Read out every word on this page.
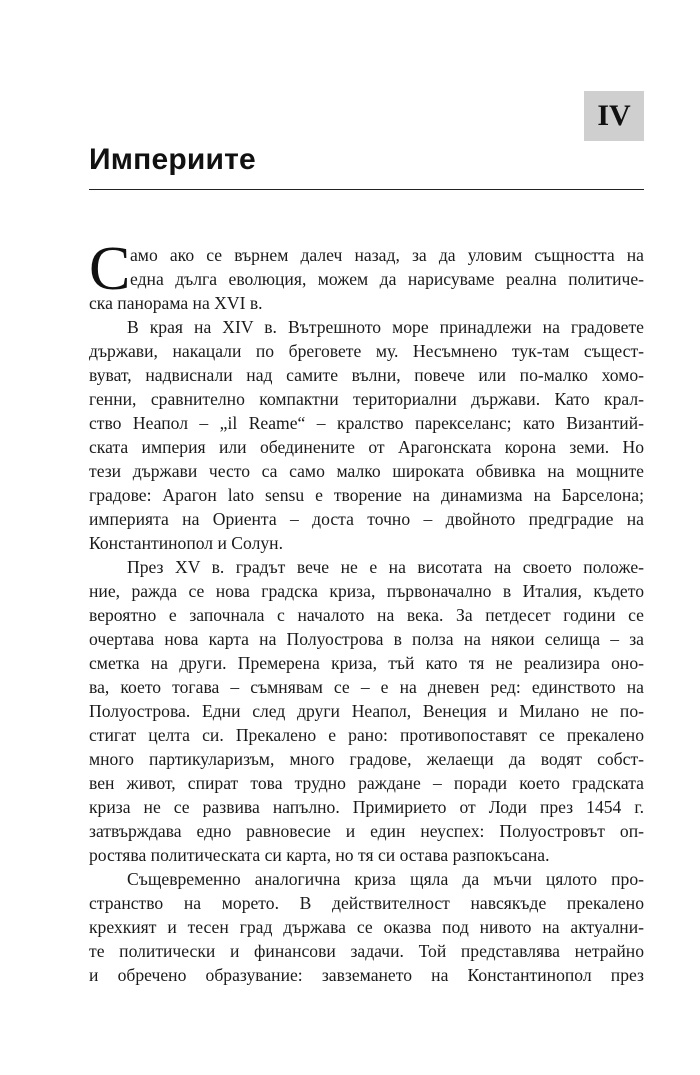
IV
Империите
С амо ако се върнем далеч назад, за да уловим същността на
една дълга еволюция, можем да нарисуваме реална политиче-
ска панорама на XVI в.
В края на XIV в. Вътрешното море принадлежи на градовете
държави, накацали по бреговете му. Несъмнено тук-там същест-
вуват, надвиснали над самите вълни, повече или по-малко хомо-
генни, сравнително компактни териториални държави. Като крал-
ство Неапол – „il Reame“ – кралство парекселанс; като Византий-
ската империя или обединените от Арагонската корона земи. Но
тези държави често са само малко широката обвивка на мощните
градове: Арагон lato sensu е творение на динамизма на Барселона;
империята на Ориента – доста точно – двойното предградие на
Константинопол и Солун.
През XV в. градът вече не е на висотата на своето положе-
ние, ражда се нова градска криза, първоначално в Италия, където
вероятно е започнала с началото на века. За петдесет години се
очертава нова карта на Полуострова в полза на някои селища – за
сметка на други. Премерена криза, тъй като тя не реализира оно-
ва, което тогава – съмнявам се – е на дневен ред: единството на
Полуострова. Едни след други Неапол, Венеция и Милано не по-
стигат целта си. Прекалено е рано: противопоставят се прекалено
много партикуларизъм, много градове, желаещи да водят собст-
вен живот, спират това трудно раждане – поради което градската
криза не се развива напълно. Примирието от Лоди през 1454 г.
затвърждава едно равновесие и един неуспех: Полуостровът оп-
ростява политическата си карта, но тя си остава разпокъсана.
Същевременно аналогична криза щяла да мъчи цялото про-
странство на морето. В действителност навсякъде прекалено
крехкият и тесен град държава се оказва под нивото на актуални-
те политически и финансови задачи. Той представлява нетрайно
и обречено образувание: завземането на Константинопол през
